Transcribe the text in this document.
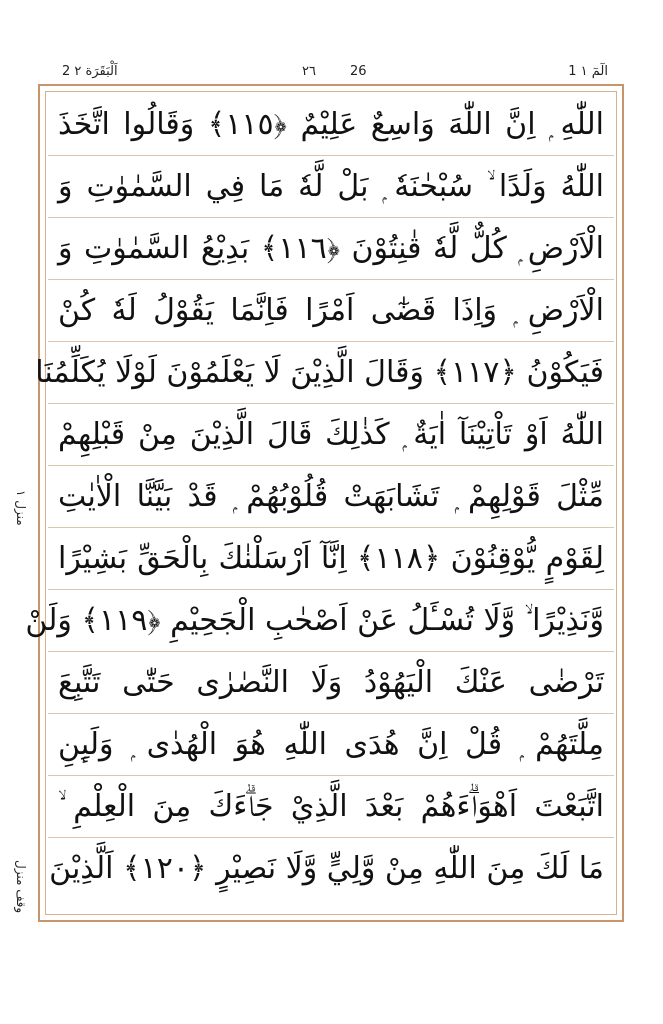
2 اَلْبَقَرَة ٢	٢٦	26	1 الٓمٓ ١
منزل ١
وقف منزل
اللّٰهِ ۭ اِنَّ اللّٰهَ وَاسِعٌ عَلِيْمٌ ﴿١١٥﴾ وَقَالُوا اتَّخَذَ
اللّٰهُ وَلَدًا ۙ سُبْحٰنَهٗ ۭ بَلْ لَّهٗ مَا فِي السَّمٰوٰتِ وَ
الْاَرْضِ ۭ كُلٌّ لَّهٗ قٰنِتُوْنَ ﴿١١٦﴾ بَدِيْعُ السَّمٰوٰتِ وَ
الْاَرْضِ ۭ وَاِذَا قَضٰٓى اَمْرًا فَاِنَّمَا يَقُوْلُ لَهٗ كُنْ
فَيَكُوْنُ ﴿١١٧﴾ وَقَالَ الَّذِيْنَ لَا يَعْلَمُوْنَ لَوْلَا يُكَلِّمُنَا
اللّٰهُ اَوْ تَاْتِيْنَآ اٰيَةٌ ۭ كَذٰلِكَ قَالَ الَّذِيْنَ مِنْ قَبْلِهِمْ
مِّثْلَ قَوْلِهِمْ ۭ تَشَابَهَتْ قُلُوْبُهُمْ ۭ قَدْ بَيَّنَّا الْاٰيٰتِ
لِقَوْمٍ يُّوْقِنُوْنَ ﴿١١٨﴾ اِنَّآ اَرْسَلْنٰكَ بِالْحَقِّ بَشِيْرًا
وَّنَذِيْرًا ۙ وَّلَا تُسْـَٔلُ عَنْ اَصْحٰبِ الْجَحِيْمِ ﴿١١٩﴾ وَلَنْ
تَرْضٰى عَنْكَ الْيَهُوْدُ وَلَا النَّصٰرٰى حَتّٰى تَتَّبِعَ
مِلَّتَهُمْ ۭ قُلْ اِنَّ هُدَى اللّٰهِ هُوَ الْهُدٰى ۭ وَلَىِٕنِ
اتَّبَعْتَ اَهْوَاۗءَهُمْ بَعْدَ الَّذِيْ جَاۗءَكَ مِنَ الْعِلْمِ ۙ
مَا لَكَ مِنَ اللّٰهِ مِنْ وَّلِيٍّ وَّلَا نَصِيْرٍ ﴿١٢٠﴾ اَلَّذِيْنَ
